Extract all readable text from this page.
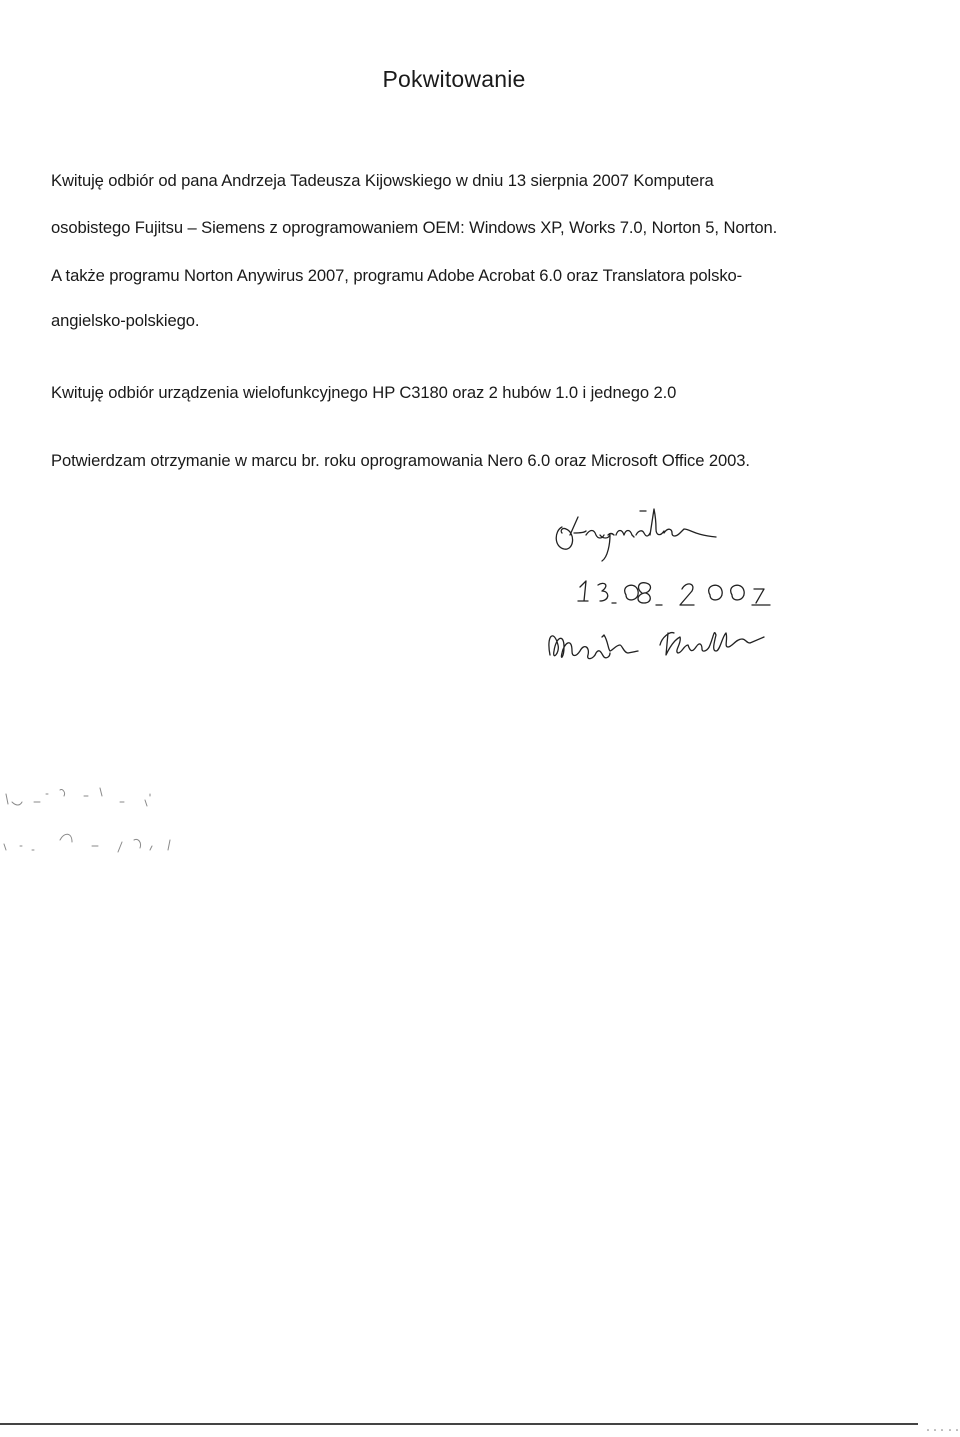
Pokwitowanie
Kwituję odbiór od pana Andrzeja Tadeusza Kijowskiego w dniu 13 sierpnia 2007 Komputera
osobistego Fujitsu – Siemens z oprogramowaniem OEM: Windows XP, Works 7.0, Norton 5, Norton.
A także programu Norton Anywirus 2007, programu Adobe Acrobat 6.0 oraz Translatora polsko-
angielsko-polskiego.
Kwituję odbiór urządzenia wielofunkcyjnego HP C3180 oraz 2 hubów 1.0 i jednego 2.0
Potwierdzam otrzymanie w marcu br. roku oprogramowania Nero 6.0 oraz Microsoft Office 2003.
